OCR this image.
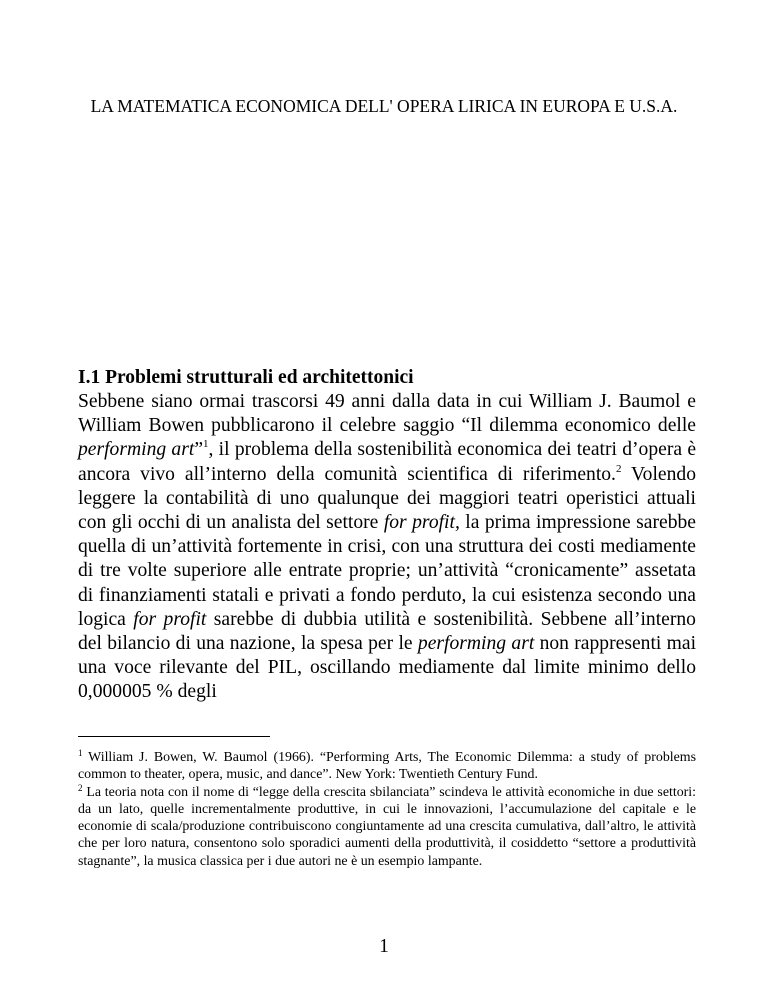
LA MATEMATICA ECONOMICA DELL' OPERA LIRICA IN EUROPA E U.S.A.
I.1 Problemi strutturali ed architettonici
Sebbene siano ormai trascorsi 49 anni dalla data in cui William J. Baumol e William Bowen pubblicarono il celebre saggio “Il dilemma economico delle performing art”$^1$, il problema della sostenibilità economica dei teatri d’opera è ancora vivo all’interno della comunità scientifica di riferimento.$^2$ Volendo leggere la contabilità di uno qualunque dei maggiori teatri operistici attuali con gli occhi di un analista del settore for profit, la prima impressione sarebbe quella di un’attività fortemente in crisi, con una struttura dei costi mediamente di tre volte superiore alle entrate proprie; un’attività “cronicamente” assetata di finanziamenti statali e privati a fondo perduto, la cui esistenza secondo una logica for profit sarebbe di dubbia utilità e sostenibilità. Sebbene all’interno del bilancio di una nazione, la spesa per le performing art non rappresenti mai una voce rilevante del PIL, oscillando mediamente dal limite minimo dello 0,000005 % degli

$^1$ William J. Bowen, W. Baumol (1966). “Performing Arts, The Economic Dilemma: a study of problems common to theater, opera, music, and dance”. New York: Twentieth Century Fund.

$^2$ La teoria nota con il nome di “legge della crescita sbilanciata” scindeva le attività economiche in due settori: da un lato, quelle incrementalmente produttive, in cui le innovazioni, l’accumulazione del capitale e le economie di scala/produzione contribuiscono congiuntamente ad una crescita cumulativa, dall’altro, le attività che per loro natura, consentono solo sporadici aumenti della produttività, il cosiddetto “settore a produttività stagnante”, la musica classica per i due autori ne è un esempio lampante.

1
